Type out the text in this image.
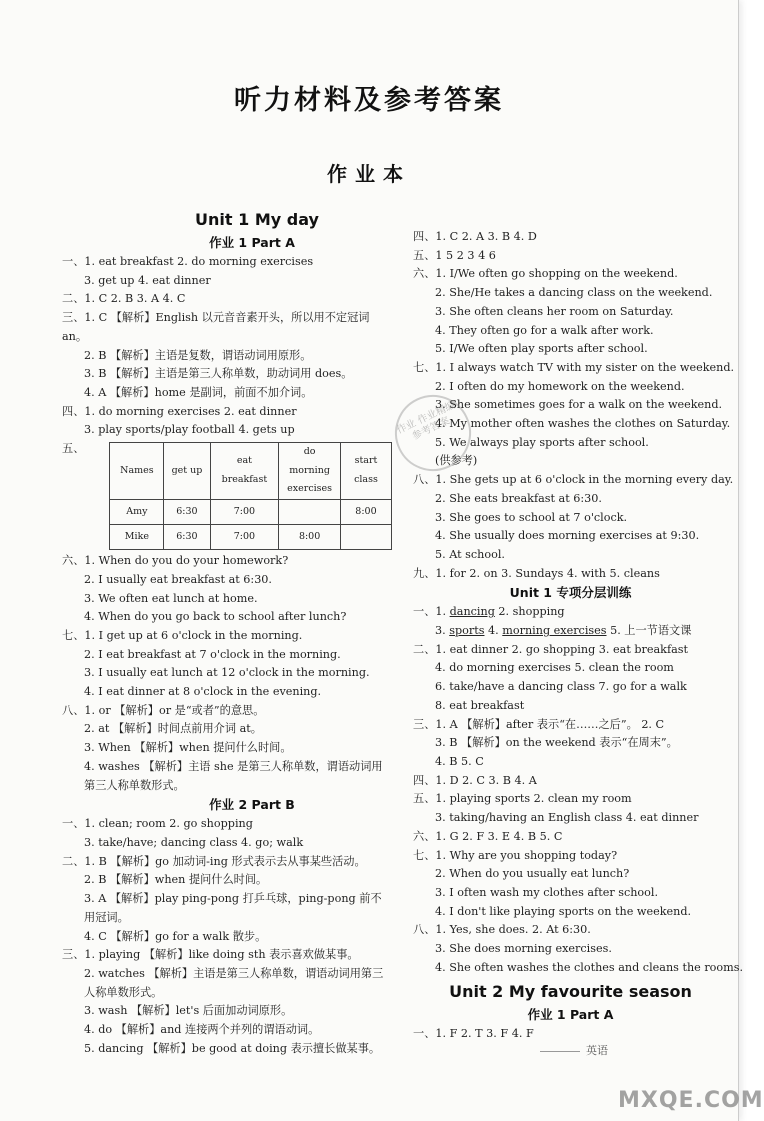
听力材料及参考答案
作业本
Unit 1 My day
作业 1 Part A
一、1. eat breakfast 2. do morning exercises
3. get up 4. eat dinner
二、1. C 2. B 3. A 4. C
三、1. C 【解析】English 以元音音素开头，所以用不定冠词 an。
2. B 【解析】主语是复数，谓语动词用原形。
3. B 【解析】主语是第三人称单数，助动词用 does。
4. A 【解析】home 是副词，前面不加介词。
四、1. do morning exercises 2. eat dinner
3. play sports/play football 4. gets up
五、
Names	get up	eat breakfast	do morning exercises	start class
Amy	6:30	7:00		8:00
Mike	6:30	7:00	8:00	
六、1. When do you do your homework?
2. I usually eat breakfast at 6:30.
3. We often eat lunch at home.
4. When do you go back to school after lunch?
七、1. I get up at 6 o'clock in the morning.
2. I eat breakfast at 7 o'clock in the morning.
3. I usually eat lunch at 12 o'clock in the morning.
4. I eat dinner at 8 o'clock in the evening.
八、1. or 【解析】or 是“或者”的意思。
2. at 【解析】时间点前用介词 at。
3. When 【解析】when 提问什么时间。
4. washes 【解析】主语 she 是第三人称单数，谓语动词用第三人称单数形式。
作业 2 Part B
一、1. clean; room 2. go shopping
3. take/have; dancing class 4. go; walk
二、1. B 【解析】go 加动词-ing 形式表示去从事某些活动。
2. B 【解析】when 提问什么时间。
3. A 【解析】play ping-pong 打乒乓球，ping-pong 前不用冠词。
4. C 【解析】go for a walk 散步。
三、1. playing 【解析】like doing sth 表示喜欢做某事。
2. watches 【解析】主语是第三人称单数，谓语动词用第三人称单数形式。
3. wash 【解析】let's 后面加动词原形。
4. do 【解析】and 连接两个并列的谓语动词。
5. dancing 【解析】be good at doing 表示擅长做某事。
四、1. C 2. A 3. B 4. D
五、1 5 2 3 4 6
六、1. I/We often go shopping on the weekend.
2. She/He takes a dancing class on the weekend.
3. She often cleans her room on Saturday.
4. They often go for a walk after work.
5. I/We often play sports after school.
七、1. I always watch TV with my sister on the weekend.
2. I often do my homework on the weekend.
3. She sometimes goes for a walk on the weekend.
4. My mother often washes the clothes on Saturday.
5. We always play sports after school.
(供参考)
八、1. She gets up at 6 o'clock in the morning every day.
2. She eats breakfast at 6:30.
3. She goes to school at 7 o'clock.
4. She usually does morning exercises at 9:30.
5. At school.
九、1. for 2. on 3. Sundays 4. with 5. cleans
Unit 1 专项分层训练
一、1. dancing 2. shopping
3. sports 4. morning exercises 5. 上一节语文课
二、1. eat dinner 2. go shopping 3. eat breakfast
4. do morning exercises 5. clean the room
6. take/have a dancing class 7. go for a walk
8. eat breakfast
三、1. A 【解析】after 表示“在……之后”。 2. C
3. B 【解析】on the weekend 表示“在周末”。
4. B 5. C
四、1. D 2. C 3. B 4. A
五、1. playing sports 2. clean my room
3. taking/having an English class 4. eat dinner
六、1. G 2. F 3. E 4. B 5. C
七、1. Why are you shopping today?
2. When do you usually eat lunch?
3. I often wash my clothes after school.
4. I don't like playing sports on the weekend.
八、1. Yes, she does. 2. At 6:30.
3. She does morning exercises.
4. She often washes the clothes and cleans the rooms.
Unit 2 My favourite season
作业 1 Part A
一、1. F 2. T 3. F 4. F
作业 作业精编参考答案
英语
MXQE.COM
